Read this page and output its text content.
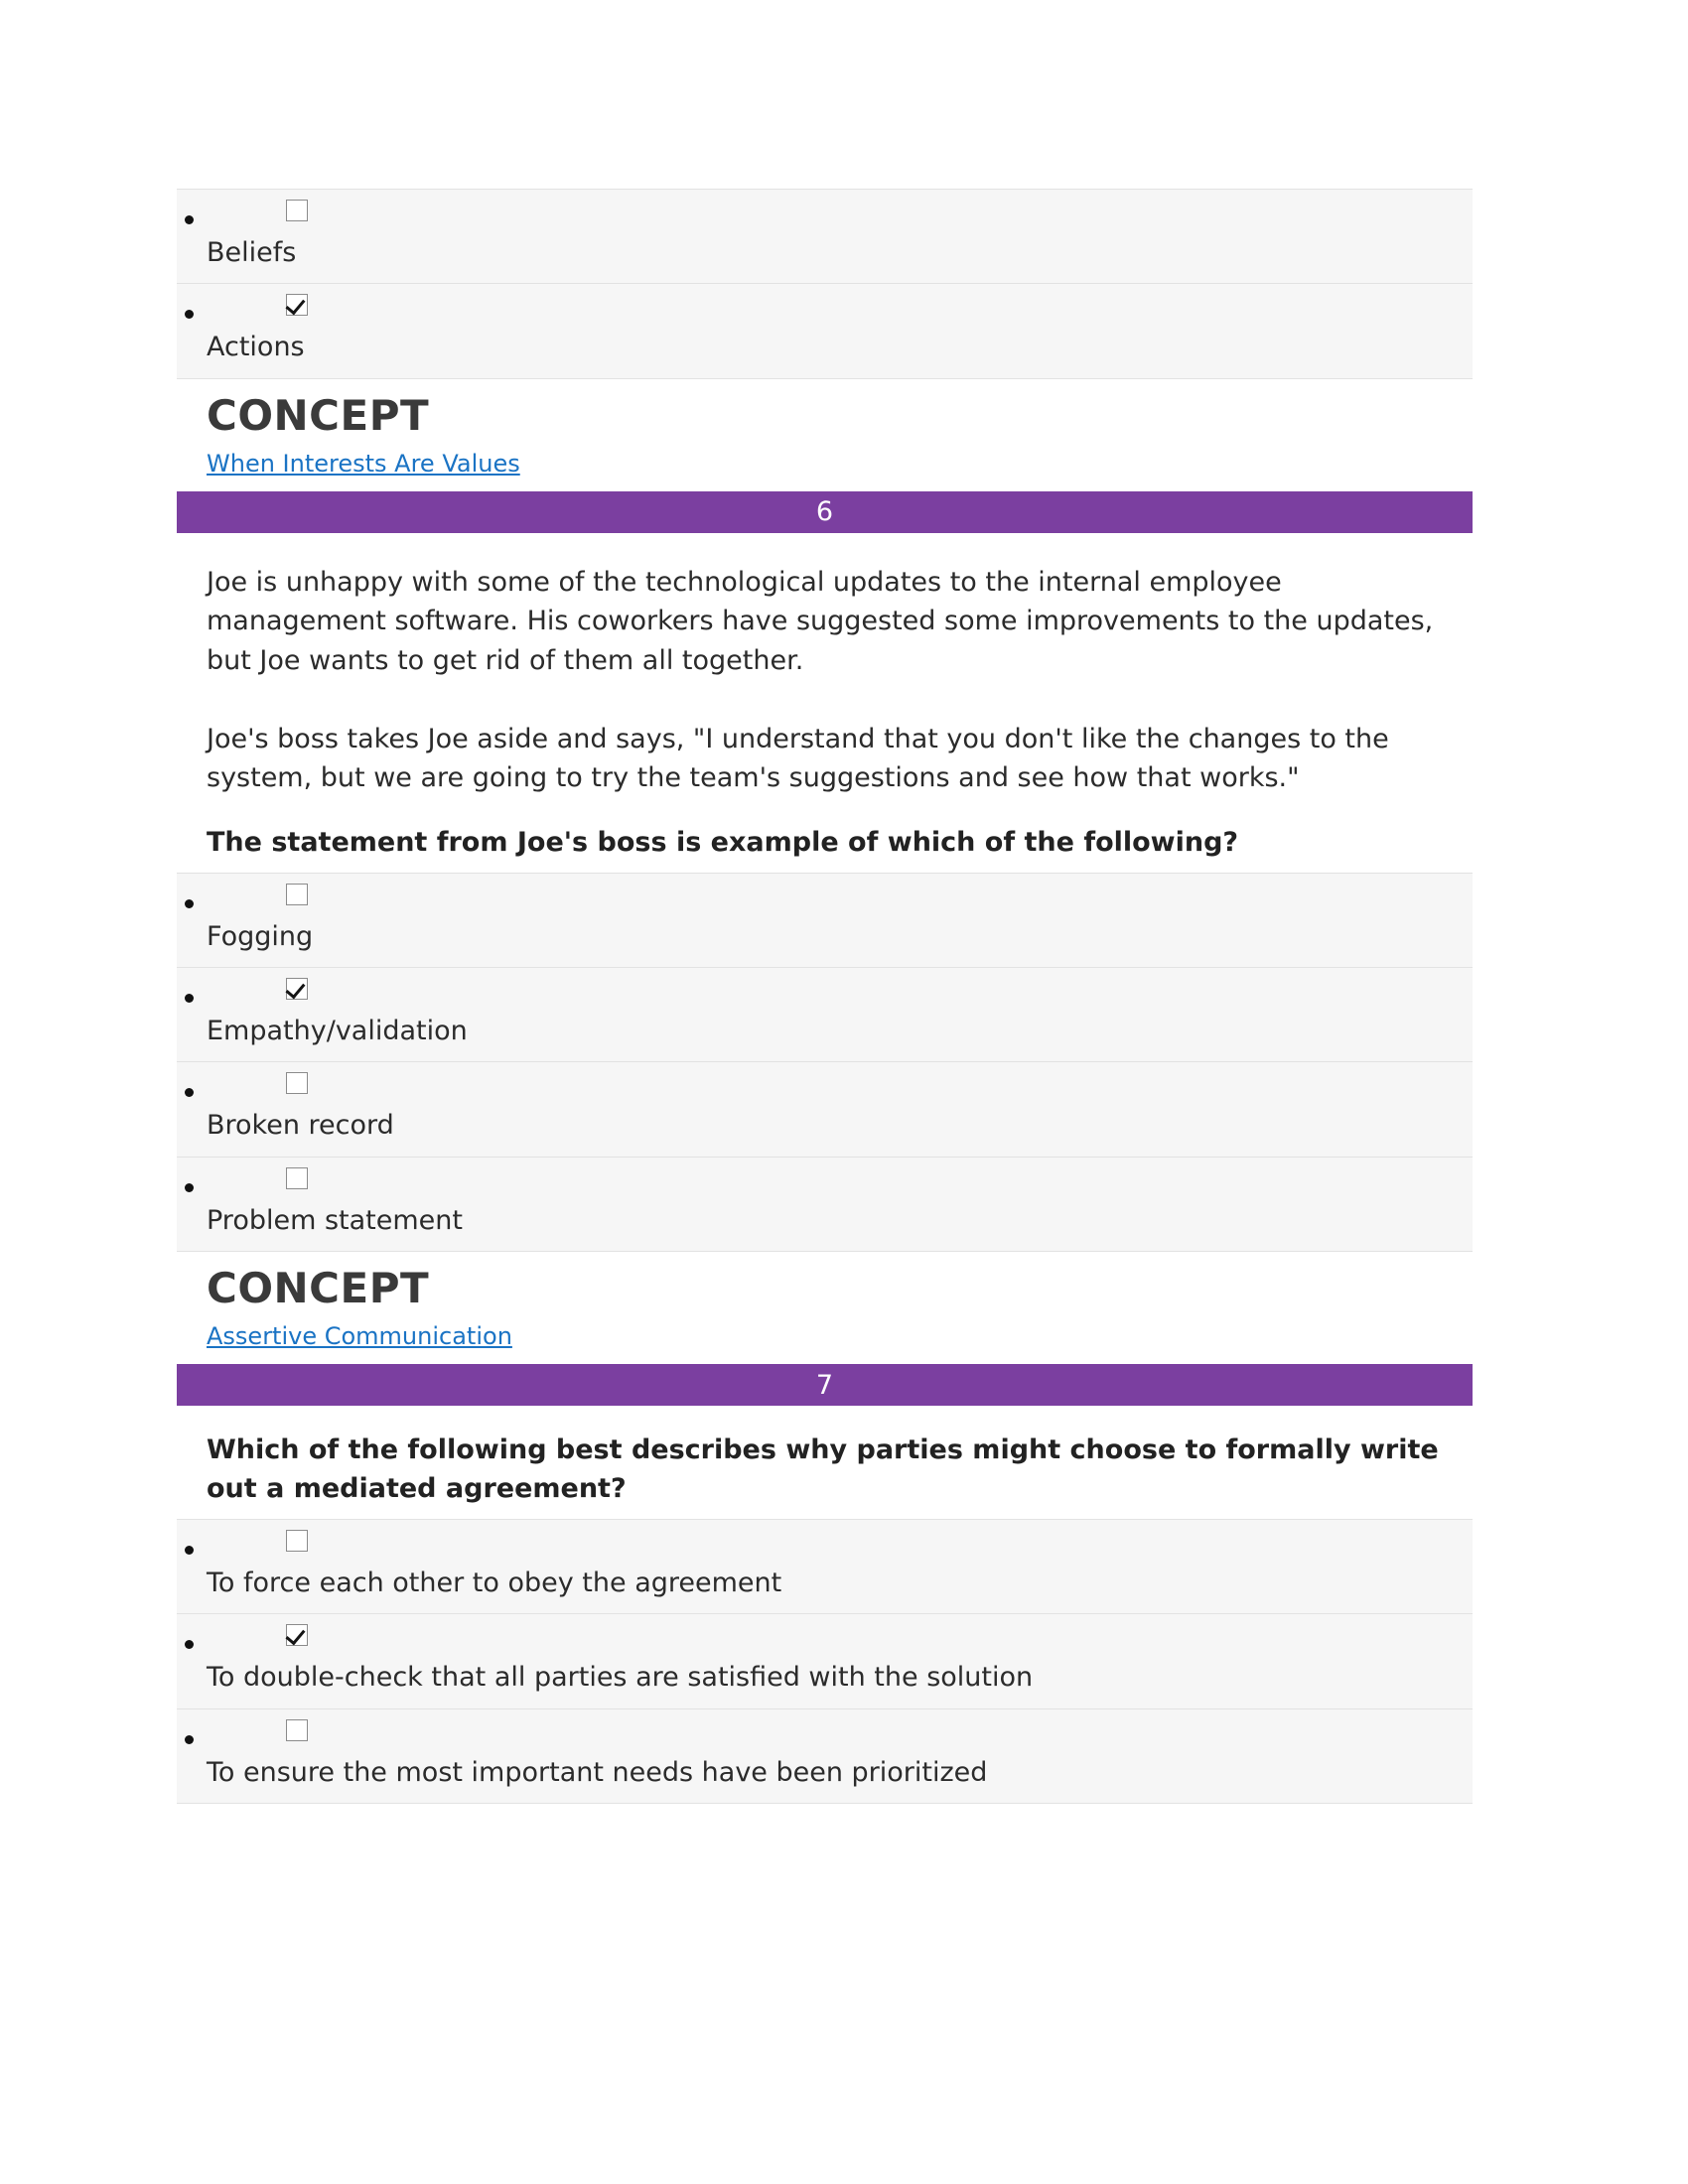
Beliefs
Actions
CONCEPT
When Interests Are Values
6

Joe is unhappy with some of the technological updates to the internal employee management software. His coworkers have suggested some improvements to the updates, but Joe wants to get rid of them all together.

Joe's boss takes Joe aside and says, "I understand that you don't like the changes to the system, but we are going to try the team's suggestions and see how that works."

The statement from Joe's boss is example of which of the following?

Fogging
Empathy/validation
Broken record
Problem statement
CONCEPT
Assertive Communication
7

Which of the following best describes why parties might choose to formally write out a mediated agreement?

To force each other to obey the agreement
To double-check that all parties are satisfied with the solution
To ensure the most important needs have been prioritized
